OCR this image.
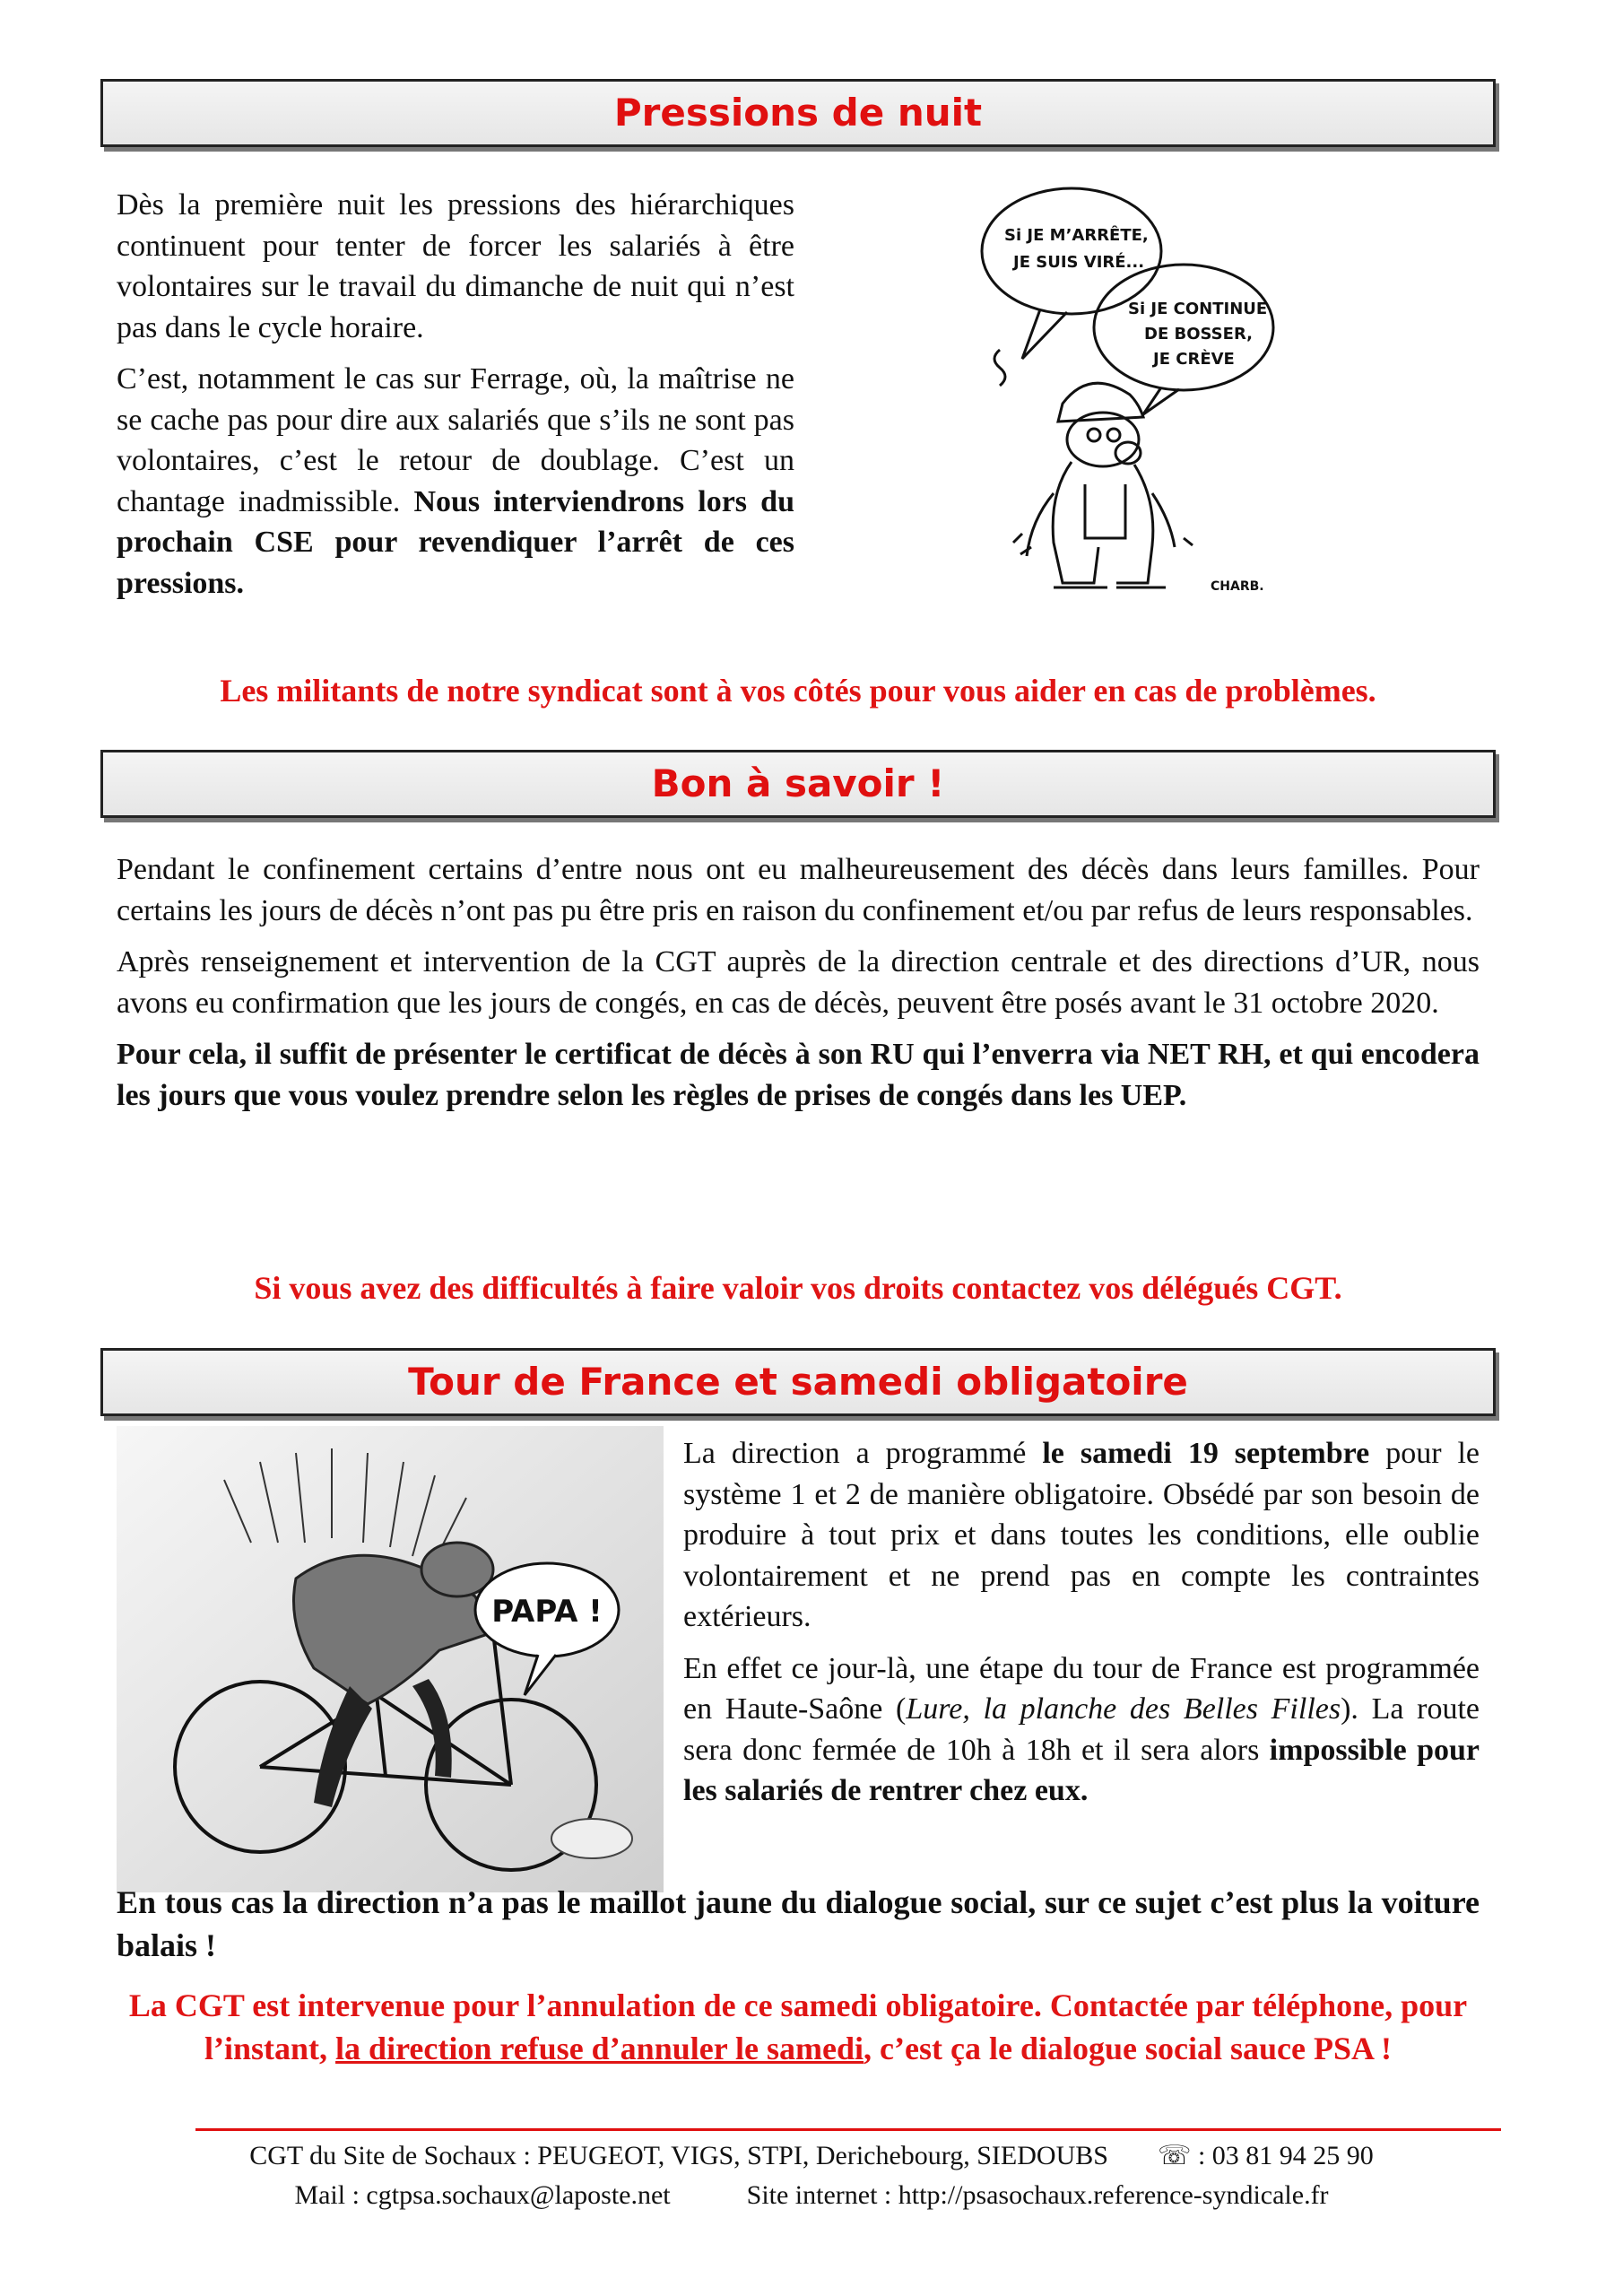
Pressions de nuit

Dès la première nuit les pressions des hiérarchiques continuent pour tenter de forcer les salariés à être volontaires sur le travail du dimanche de nuit qui n’est pas dans le cycle horaire.

C’est, notamment le cas sur Ferrage, où, la maîtrise ne se cache pas pour dire aux salariés que s’ils ne sont pas volontaires, c’est le retour de doublage. C’est un chantage inadmissible. Nous interviendrons lors du prochain CSE pour revendiquer l’arrêt de ces pressions.

Si JE M’ARRÊTE,
JE SUIS VIRÉ...
Si JE CONTINUE
DE BOSSER,
JE CRÈVE
CHARB.
Les militants de notre syndicat sont à vos côtés pour vous aider en cas de problèmes.
Bon à savoir !

Pendant le confinement certains d’entre nous ont eu malheureusement des décès dans leurs familles. Pour certains les jours de décès n’ont pas pu être pris en raison du confinement et/ou par refus de leurs responsables.

Après renseignement et intervention de la CGT auprès de la direction centrale et des directions d’UR, nous avons eu confirmation que les jours de congés, en cas de décès, peuvent être posés avant le 31 octobre 2020.

Pour cela, il suffit de présenter le certificat de décès à son RU qui l’enverra via NET RH, et qui encodera les jours que vous voulez prendre selon les règles de prises de congés dans les UEP.

Si vous avez des difficultés à faire valoir vos droits contactez vos délégués CGT.
Tour de France et samedi obligatoire
PAPA !

La direction a programmé le samedi 19 septembre pour le système 1 et 2 de manière obligatoire. Obsédé par son besoin de produire à tout prix et dans toutes les conditions, elle oublie volontairement et ne prend pas en compte les contraintes extérieurs.

En effet ce jour-là, une étape du tour de France est programmée en Haute-Saône (Lure, la planche des Belles Filles). La route sera donc fermée de 10h à 18h et il sera alors impossible pour les salariés de rentrer chez eux.

En tous cas la direction n’a pas le maillot jaune du dialogue social, sur ce sujet c’est plus la voiture balais !
La CGT est intervenue pour l’annulation de ce samedi obligatoire. Contactée par téléphone, pour l’instant, la direction refuse d’annuler le samedi, c’est ça le dialogue social sauce PSA !
CGT du Site de Sochaux : PEUGEOT, VIGS, STPI, Derichebourg, SIEDOUBS ☏ : 03 81 94 25 90
Mail : cgtpsa.sochaux@laposte.net	Site internet : http://psasochaux.reference-syndicale.fr
